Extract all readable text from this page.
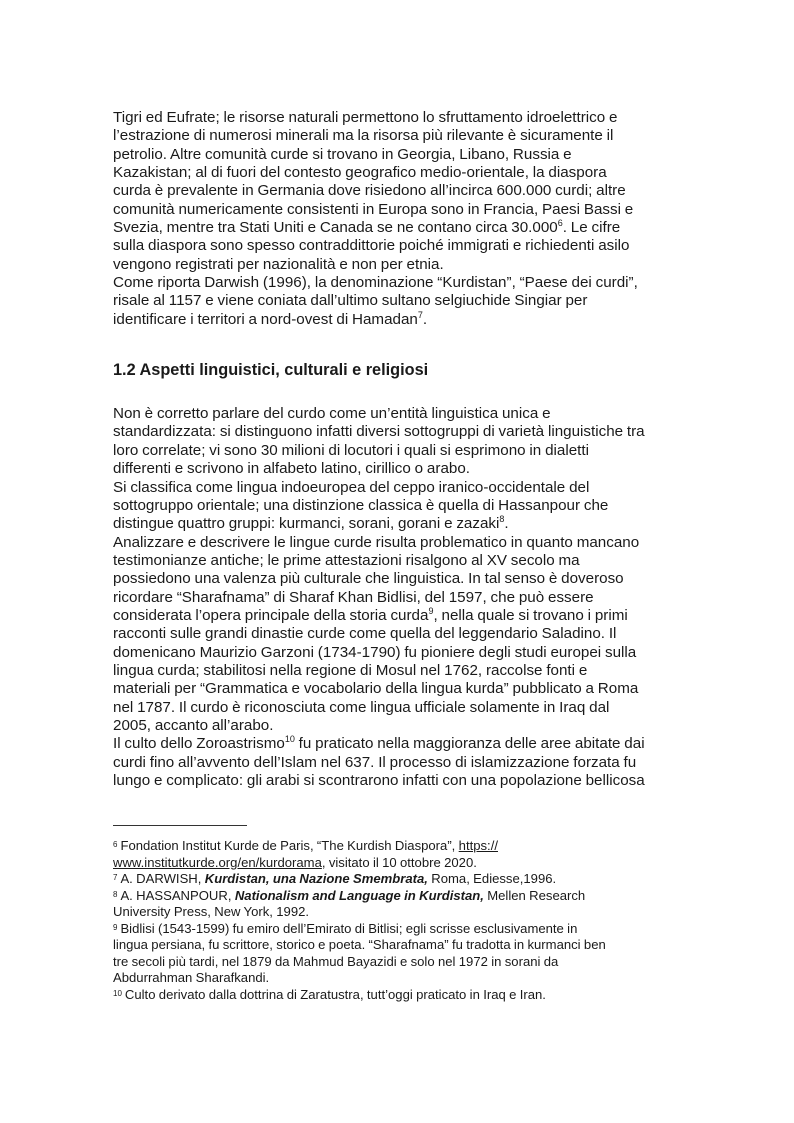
Tigri ed Eufrate; le risorse naturali permettono lo sfruttamento idroelettrico e
l’estrazione di numerosi minerali ma la risorsa più rilevante è sicuramente il
petrolio. Altre comunità curde si trovano in Georgia, Libano, Russia e
Kazakistan; al di fuori del contesto geografico medio-orientale, la diaspora
curda è prevalente in Germania dove risiedono all’incirca 600.000 curdi; altre
comunità numericamente consistenti in Europa sono in Francia, Paesi Bassi e
Svezia, mentre tra Stati Uniti e Canada se ne contano circa 30.000$^6$. Le cifre
sulla diaspora sono spesso contraddittorie poiché immigrati e richiedenti asilo
vengono registrati per nazionalità e non per etnia.
Come riporta Darwish (1996), la denominazione “Kurdistan”, “Paese dei curdi”,
risale al 1157 e viene coniata dall’ultimo sultano selgiuchide Singiar per
identificare i territori a nord-ovest di Hamadan$^7$.

1.2 Aspetti linguistici, culturali e religiosi

Non è corretto parlare del curdo come un’entità linguistica unica e
standardizzata: si distinguono infatti diversi sottogruppi di varietà linguistiche tra
loro correlate; vi sono 30 milioni di locutori i quali si esprimono in dialetti
differenti e scrivono in alfabeto latino, cirillico o arabo.
Si classifica come lingua indoeuropea del ceppo iranico-occidentale del
sottogruppo orientale; una distinzione classica è quella di Hassanpour che
distingue quattro gruppi: kurmanci, sorani, gorani e zazaki$^8$.
Analizzare e descrivere le lingue curde risulta problematico in quanto mancano
testimonianze antiche; le prime attestazioni risalgono al XV secolo ma
possiedono una valenza più culturale che linguistica. In tal senso è doveroso
ricordare “Sharafnama” di Sharaf Khan Bidlisi, del 1597, che può essere
considerata l’opera principale della storia curda$^9$, nella quale si trovano i primi
racconti sulle grandi dinastie curde come quella del leggendario Saladino. Il
domenicano Maurizio Garzoni (1734-1790) fu pioniere degli studi europei sulla
lingua curda; stabilitosi nella regione di Mosul nel 1762, raccolse fonti e
materiali per “Grammatica e vocabolario della lingua kurda” pubblicato a Roma
nel 1787. Il curdo è riconosciuta come lingua ufficiale solamente in Iraq dal
2005, accanto all’arabo.
Il culto dello Zoroastrismo$^{10}$ fu praticato nella maggioranza delle aree abitate dai
curdi fino all’avvento dell’Islam nel 637. Il processo di islamizzazione forzata fu
lungo e complicato: gli arabi si scontrarono infatti con una popolazione bellicosa

$^6$ Fondation Institut Kurde de Paris, “The Kurdish Diaspora”, https://
www.institutkurde.org/en/kurdorama, visitato il 10 ottobre 2020.

$^7$ A. DARWISH, Kurdistan, una Nazione Smembrata, Roma, Ediesse,1996.

$^8$ A. HASSANPOUR, Nationalism and Language in Kurdistan, Mellen Research
University Press, New York, 1992.

$^9$ Bidlisi (1543-1599) fu emiro dell’Emirato di Bitlisi; egli scrisse esclusivamente in
lingua persiana, fu scrittore, storico e poeta. “Sharafnama” fu tradotta in kurmanci ben
tre secoli più tardi, nel 1879 da Mahmud Bayazidi e solo nel 1972 in sorani da
Abdurrahman Sharafkandi.

$^{10}$ Culto derivato dalla dottrina di Zaratustra, tutt’oggi praticato in Iraq e Iran.
